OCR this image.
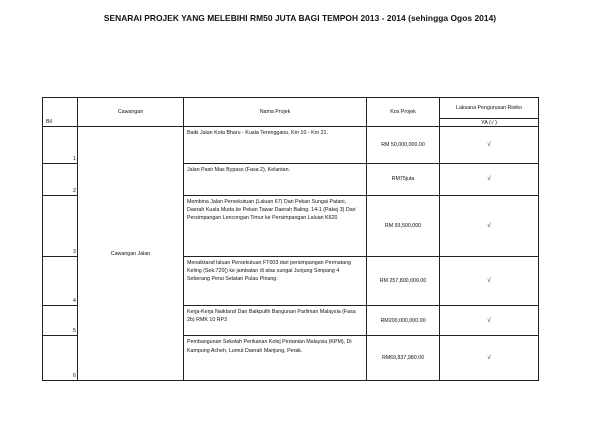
SENARAI PROJEK YANG MELEBIHI RM50 JUTA BAGI TEMPOH 2013 - 2014 (sehingga Ogos 2014)
Bil	Cawangan	Nama Projek	Kos Projek	Laksana Pengurusan Risiko
				YA (√ )
1	Cawangan Jalan	Baiki Jalan Kota Bharu - Kuala Terengganu, Km 10 - Km 21.	RM 50,000,000.00	√
2		Jalan Pasir Mas Bypass (Fasa 2), Kelantan.	RM75juta	√
3		Membina Jalan Persekutuan (Laluan 67) Dari Pekan Sungai Patani, Daerah Kuala Muda ke Pekan Tawar Daerah Baling. 14-1 (Pakej 3) Dari Persimpangan Lencongan Timur ke Persimpangan Laluan K620	RM 93,500,000	√
4		Menaiktaraf laluan Persekutuan FT003 dari persimpangan Permatang Keling (Sek.720() ke jambatan di atas sungai Junjung Simpang 4 Seberang Perai Selatan Pulau Pinang.	RM 257,800,000.00	√
5		Kerja-Kerja Naiktaraf Dan Baikpulih Bangunan Parliman Malaysia (Fasa 2b) RMK 10 RP3	RM200,000,000.00	√
6		Pembangunan Sekolah Perikanan Kolej Pertanian Malaysia (KPM), Di Kampung Acheh, Lumut Daerah Manjung, Perak.	RM69,837,980.00	√
